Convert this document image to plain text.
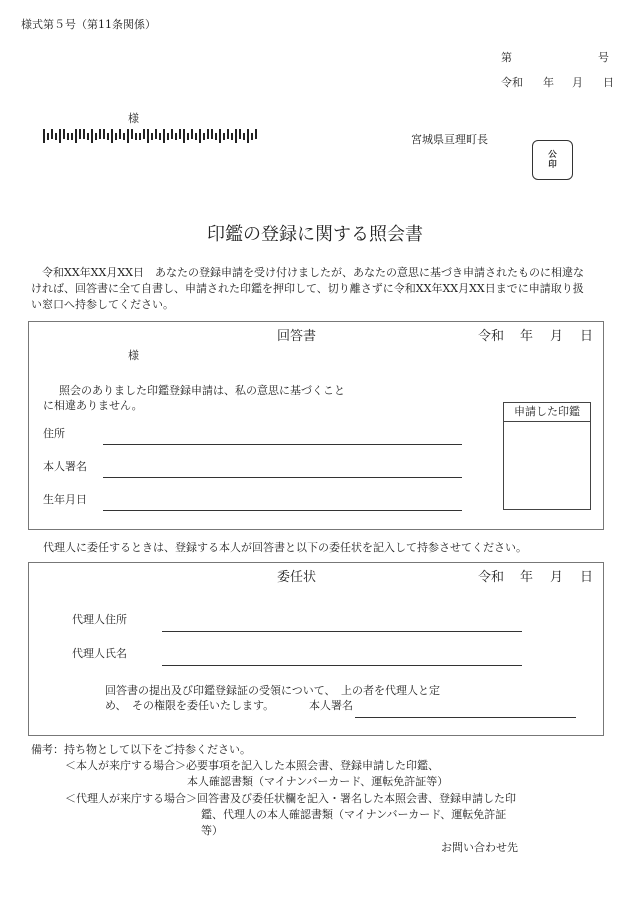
様式第５号（第11条関係）
第	号
令和 年 月 日
様
宮城県亘理町長
公印
印鑑の登録に関する照会書
令和XX年XX月XX日　あなたの登録申請を受け付けましたが、あなたの意思に基づき申請されたものに相違なければ、回答書に全て自書し、申請された印鑑を押印して、切り離さずに令和XX年XX月XX日までに申請取り扱い窓口へ持参してください。
回答書	令和 年 月 日
様
照会のありました印鑑登録申請は、私の意思に基づくこと
に相違ありません。
住所
本人署名
生年月日
申請した印鑑
代理人に委任するときは、登録する本人が回答書と以下の委任状を記入して持参させてください。
委任状	令和 年 月 日
代理人住所
代理人氏名
回答書の提出及び印鑑登録証の受領について、　上の者を代理人と定
め、　その権限を委任いたします。	本人署名
備考：持ち物として以下をご持参ください。
＜本人が来庁する場合＞必要事項を記入した本照会書、登録申請した印鑑、
本人確認書類（マイナンバーカード、運転免許証等）
＜代理人が来庁する場合＞回答書及び委任状欄を記入・署名した本照会書、登録申請した印
鑑、代理人の本人確認書類（マイナンバーカード、運転免許証
等）
お問い合わせ先
